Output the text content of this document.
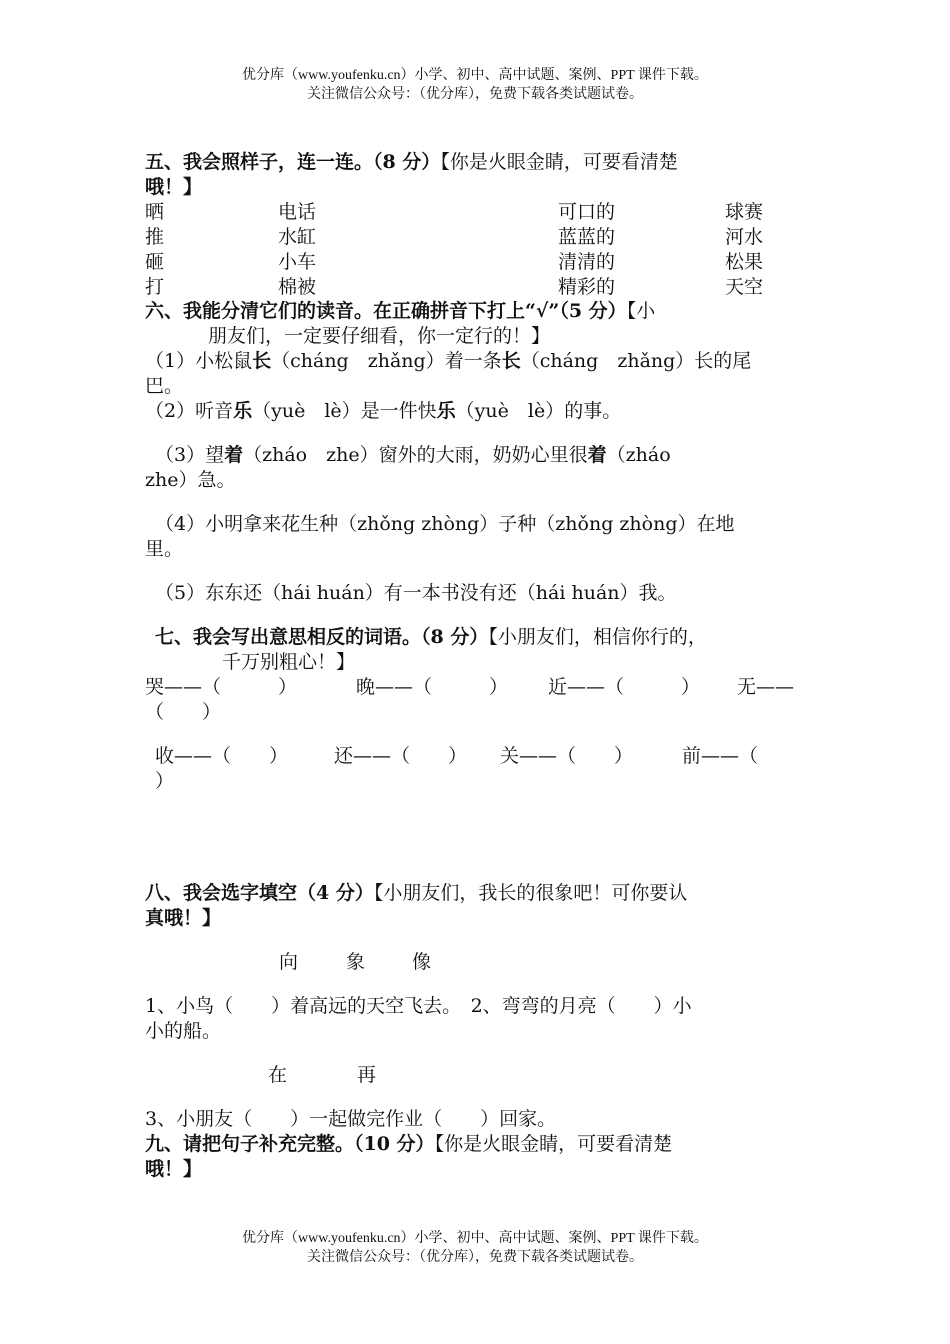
优分库（www.youfenku.cn）小学、初中、高中试题、案例、PPT 课件下载。
关注微信公众号：（优分库），免费下载各类试题试卷。
五、我会照样子，连一连。（8 分）【你是火眼金睛，可要看清楚
哦！】
晒	电话	可口的	球赛
推	水缸	蓝蓝的	河水
砸	小车	清清的	松果
打	棉被	精彩的	天空
六、我能分清它们的读音。在正确拼音下打上“√”（5 分）【小
朋友们，一定要仔细看，你一定行的！】
（1）小松鼠长（cháng　zhǎng）着一条长（cháng　zhǎng）长的尾
巴。
（2）听音乐（yuè　lè）是一件快乐（yuè　lè）的事。
（3）望着（zháo　zhe）窗外的大雨，奶奶心里很着（zháo
zhe）急。
（4）小明拿来花生种（zhǒng zhòng）子种（zhǒng zhòng）在地
里。
（5）东东还（hái huán）有一本书没有还（hái huán）我。
七、我会写出意思相反的词语。（8 分）【小朋友们，相信你行的，
千万别粗心！】
哭——（　　　）	晚——（　　　） 近——（　　　） 无——
（　　）
收——（　　） 还——（　　） 关——（　　）	前——（
）
八、我会选字填空（4 分）【小朋友们，我长的很象吧！可你要认
真哦！】
向	象 像
1、小鸟（　　）着高远的天空飞去。　2、弯弯的月亮（　　）小
小的船。
在	再
3、小朋友（　　）一起做完作业（　　）回家。
九、请把句子补充完整。（10 分）【你是火眼金睛，可要看清楚
哦！】
优分库（www.youfenku.cn）小学、初中、高中试题、案例、PPT 课件下载。
关注微信公众号：（优分库），免费下载各类试题试卷。
